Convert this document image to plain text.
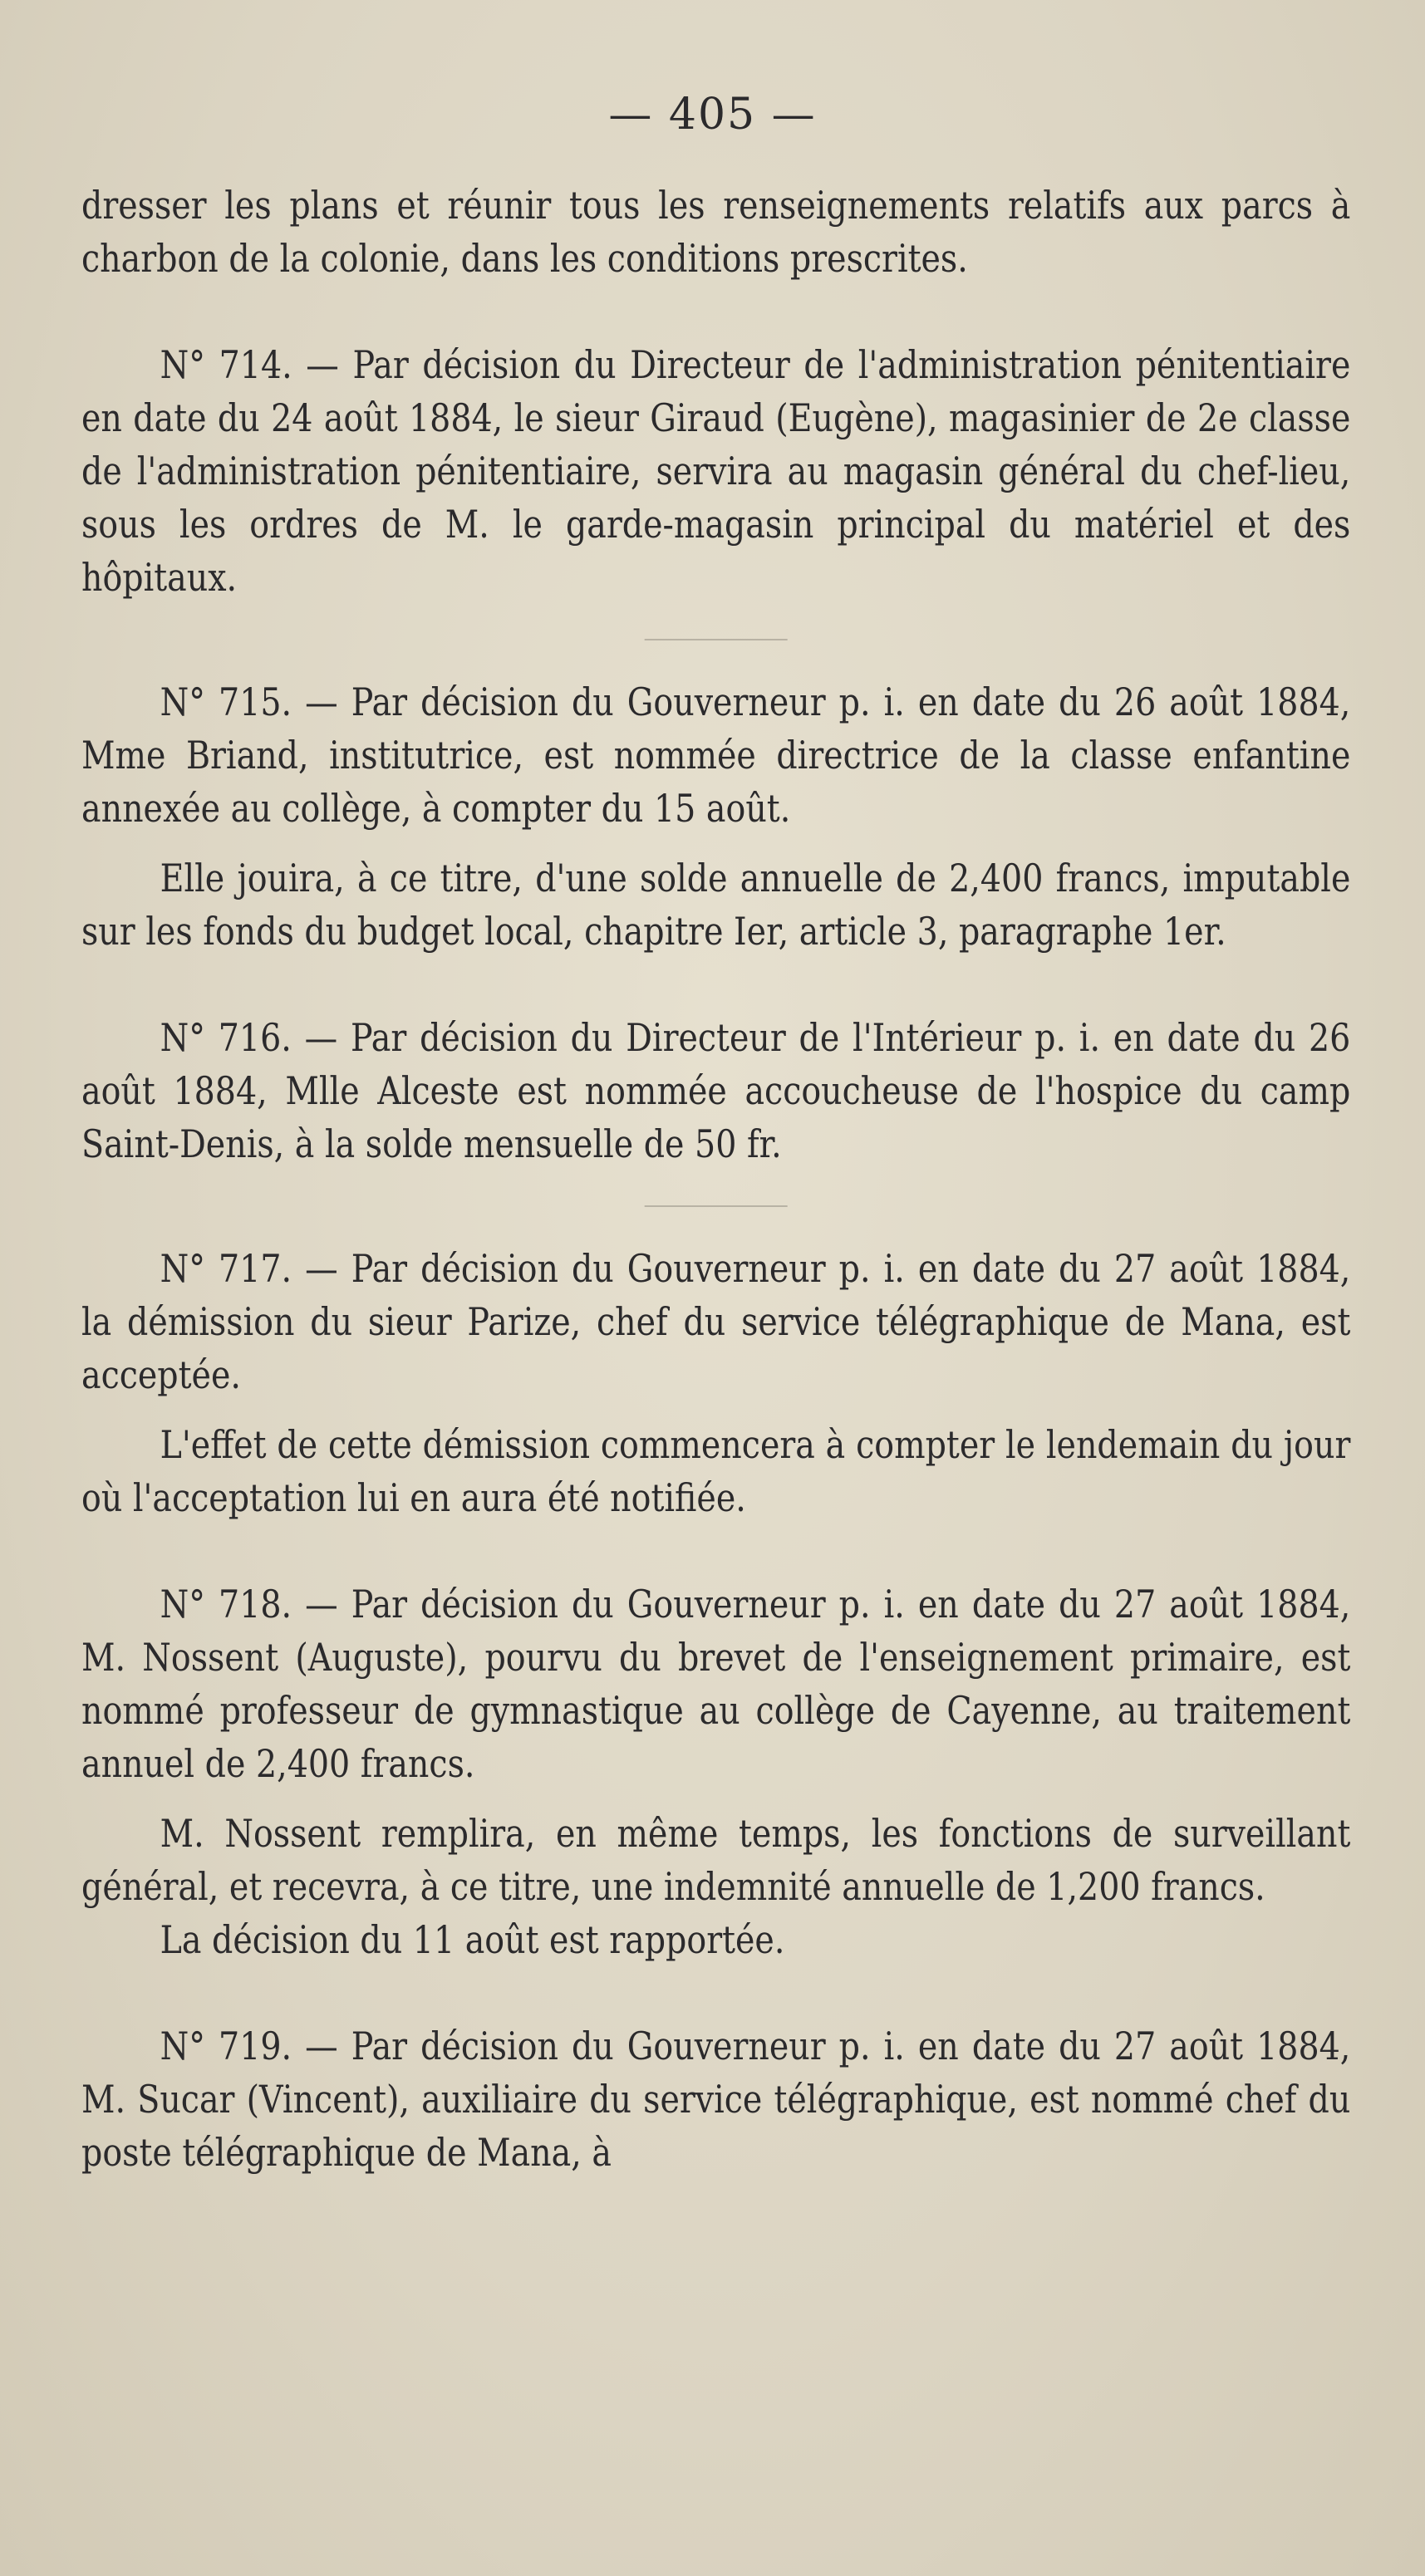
— 405 —

dresser les plans et réunir tous les renseignements relatifs aux parcs à charbon de la colonie, dans les conditions prescrites.

N° 714. — Par décision du Directeur de l'administration pénitentiaire en date du 24 août 1884, le sieur Giraud (Eugène), magasinier de 2e classe de l'administration pénitentiaire, servira au magasin général du chef-lieu, sous les ordres de M. le garde-magasin principal du matériel et des hôpitaux.

N° 715. — Par décision du Gouverneur p. i. en date du 26 août 1884, Mme Briand, institutrice, est nommée directrice de la classe enfantine annexée au collège, à compter du 15 août.

Elle jouira, à ce titre, d'une solde annuelle de 2,400 francs, imputable sur les fonds du budget local, chapitre Ier, article 3, paragraphe 1er.

N° 716. — Par décision du Directeur de l'Intérieur p. i. en date du 26 août 1884, Mlle Alceste est nommée accoucheuse de l'hospice du camp Saint-Denis, à la solde mensuelle de 50 fr.

N° 717. — Par décision du Gouverneur p. i. en date du 27 août 1884, la démission du sieur Parize, chef du service télégraphique de Mana, est acceptée.

L'effet de cette démission commencera à compter le lendemain du jour où l'acceptation lui en aura été notifiée.

N° 718. — Par décision du Gouverneur p. i. en date du 27 août 1884, M. Nossent (Auguste), pourvu du brevet de l'enseignement primaire, est nommé professeur de gymnastique au collège de Cayenne, au traitement annuel de 2,400 francs.

M. Nossent remplira, en même temps, les fonctions de surveillant général, et recevra, à ce titre, une indemnité annuelle de 1,200 francs.

La décision du 11 août est rapportée.

N° 719. — Par décision du Gouverneur p. i. en date du 27 août 1884, M. Sucar (Vincent), auxiliaire du service télégraphique, est nommé chef du poste télégraphique de Mana, à
